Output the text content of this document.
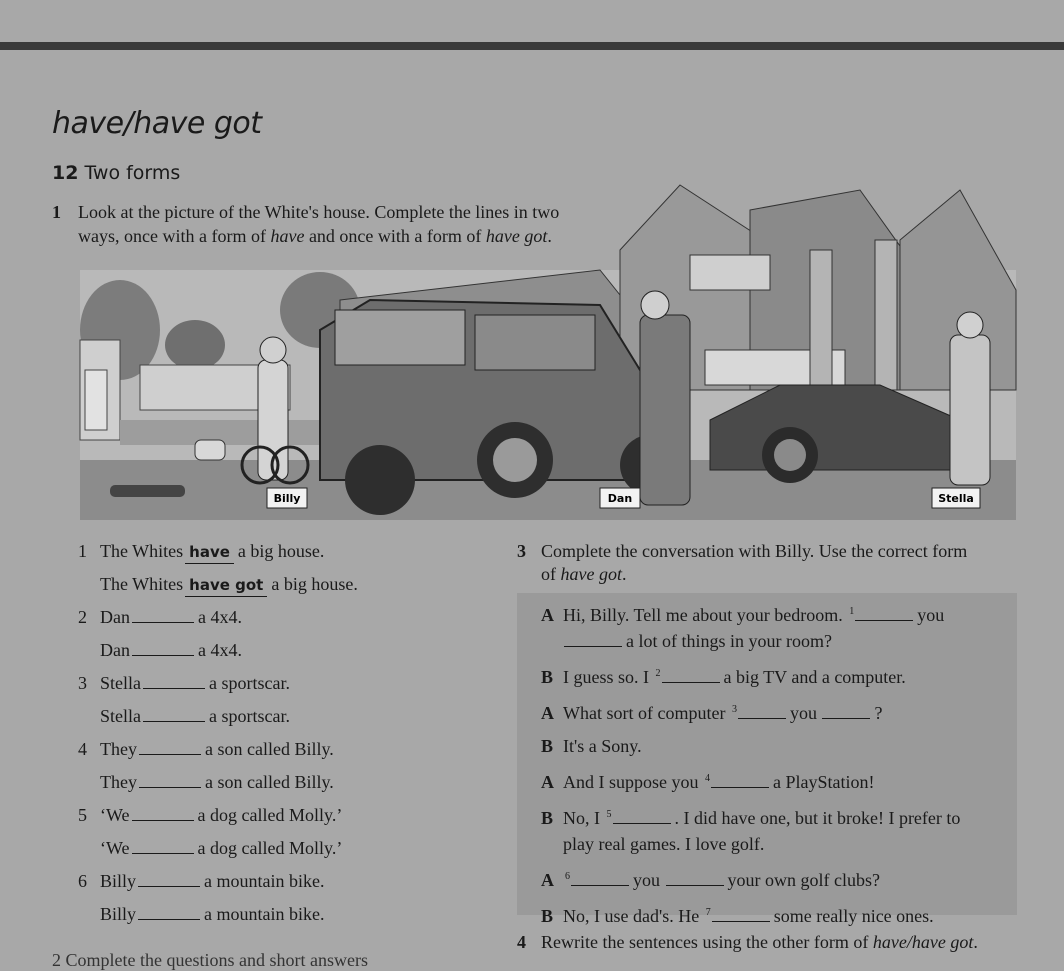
have/have got
12 Two forms
Billy	Dan	Stella
1 Look at the picture of the White's house. Complete the lines in two
ways, once with a form of have and once with a form of have got.
1 The Whites have a big house.
The Whites have got a big house.
2 Dan	a 4x4.
Dan	a 4x4.
3 Stella	a sportscar.
Stella	a sportscar.
4 They	a son called Billy.
They	a son called Billy.
5 ‘We	a dog called Molly.’
‘We	a dog called Molly.’
6 Billy	a mountain bike.
Billy	a mountain bike.
3 Complete the conversation with Billy. Use the correct form
of have got.
A Hi, Billy. Tell me about your bedroom. $^1$	you
a lot of things in your room?
B I guess so. I $^2$	a big TV and a computer.
A What sort of computer $^3$	you	?
B It's a Sony.
A And I suppose you $^4$	a PlayStation!
B No, I $^5$	. I did have one, but it broke! I prefer to
play real games. I love golf.
A $^6$	you	your own golf clubs?
B No, I use dad's. He $^7$	some really nice ones.
4 Rewrite the sentences using the other form of have/have got.
2 Complete the questions and short answers
